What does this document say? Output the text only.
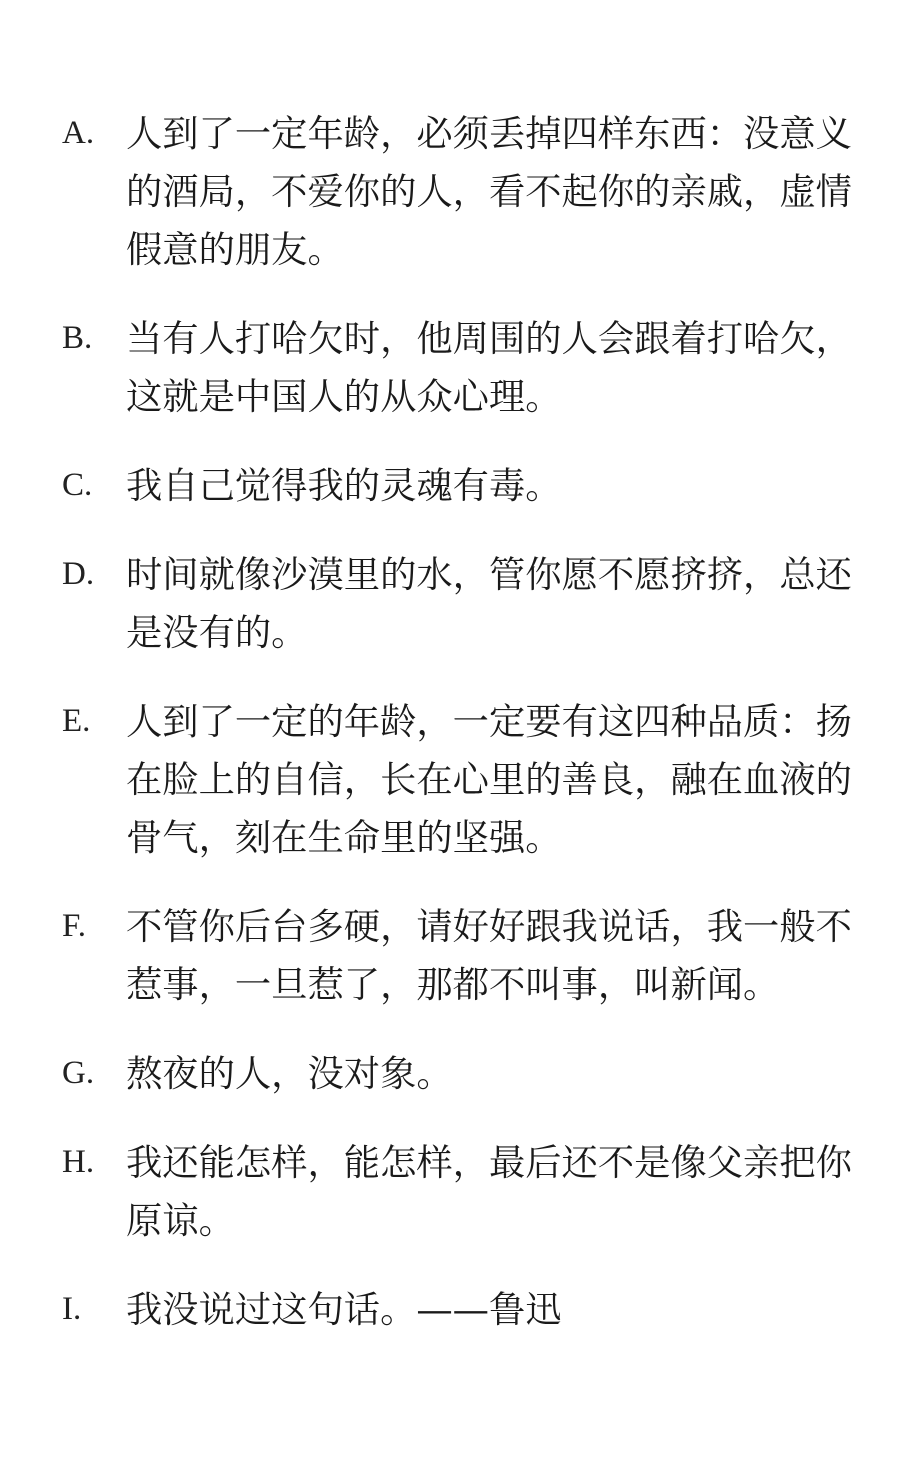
A. 人到了一定年龄，必须丢掉四样东西：没意义的酒局，不爱你的人，看不起你的亲戚，虚情假意的朋友。
B. 当有人打哈欠时，他周围的人会跟着打哈欠，这就是中国人的从众心理。
C. 我自己觉得我的灵魂有毒。
D. 时间就像沙漠里的水，管你愿不愿挤挤，总还是没有的。
E. 人到了一定的年龄，一定要有这四种品质：扬在脸上的自信，长在心里的善良，融在血液的骨气，刻在生命里的坚强。
F. 不管你后台多硬，请好好跟我说话，我一般不惹事，一旦惹了，那都不叫事，叫新闻。
G. 熬夜的人，没对象。
H. 我还能怎样，能怎样，最后还不是像父亲把你原谅。
I. 我没说过这句话。——鲁迅
